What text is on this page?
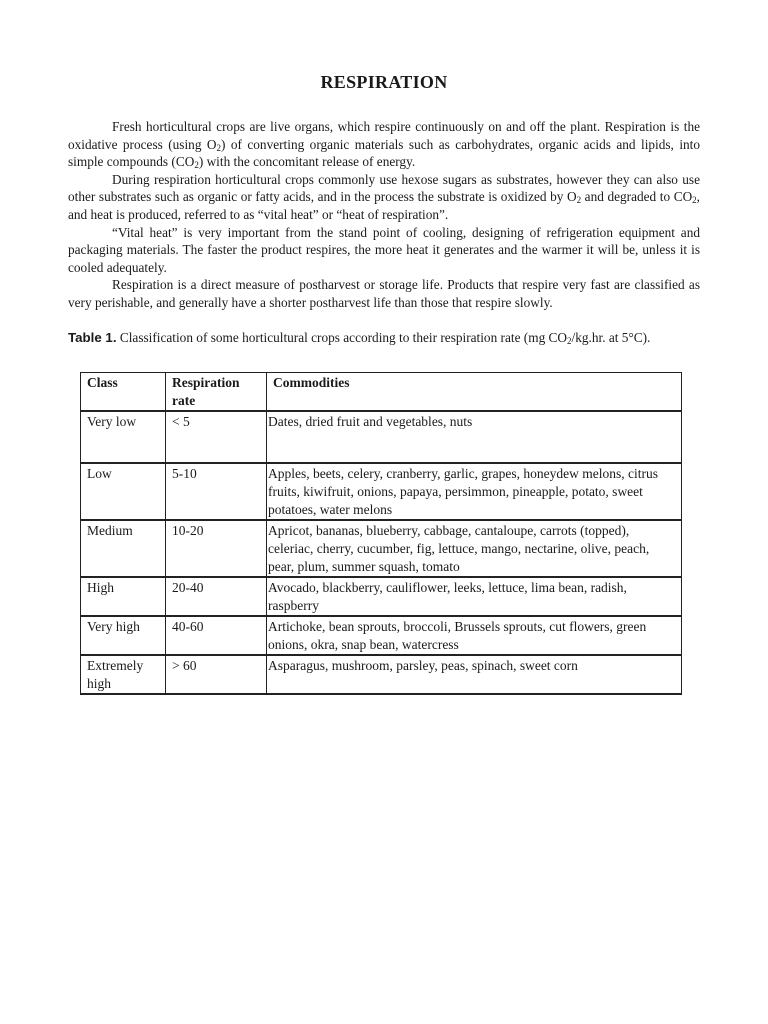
RESPIRATION

Fresh horticultural crops are live organs, which respire continuously on and off the plant. Respiration is the oxidative process (using $O_2$) of converting organic materials such as carbohydrates, organic acids and lipids, into simple compounds $(CO_2)$ with the concomitant release of energy.

During respiration horticultural crops commonly use hexose sugars as substrates, however they can also use other substrates such as organic or fatty acids, and in the process the substrate is oxidized by $O_2$ and degraded to $CO_2$, and heat is produced, referred to as “vital heat” or “heat of respiration”.

“Vital heat” is very important from the stand point of cooling, designing of refrigeration equipment and packaging materials. The faster the product respires, the more heat it generates and the warmer it will be, unless it is cooled adequately.

Respiration is a direct measure of postharvest or storage life. Products that respire very fast are classified as very perishable, and generally have a shorter postharvest life than those that respire slowly.

Table 1. Classification of some horticultural crops according to their respiration rate (mg $CO_2/kg.hr$. at 5°C).
Class	Respiration rate	Commodities
Very low	< 5	Dates, dried fruit and vegetables, nuts
Low	5-10	Apples, beets, celery, cranberry, garlic, grapes, honeydew melons, citrus fruits, kiwifruit, onions, papaya, persimmon, pineapple, potato, sweet potatoes, water melons
Medium	10-20	Apricot, bananas, blueberry, cabbage, cantaloupe, carrots (topped), celeriac, cherry, cucumber, fig, lettuce, mango, nectarine, olive, peach, pear, plum, summer squash, tomato
High	20-40	Avocado, blackberry, cauliflower, leeks, lettuce, lima bean, radish, raspberry
Very high	40-60	Artichoke, bean sprouts, broccoli, Brussels sprouts, cut flowers, green onions, okra, snap bean, watercress
Extremely high	> 60	Asparagus, mushroom, parsley, peas, spinach, sweet corn
